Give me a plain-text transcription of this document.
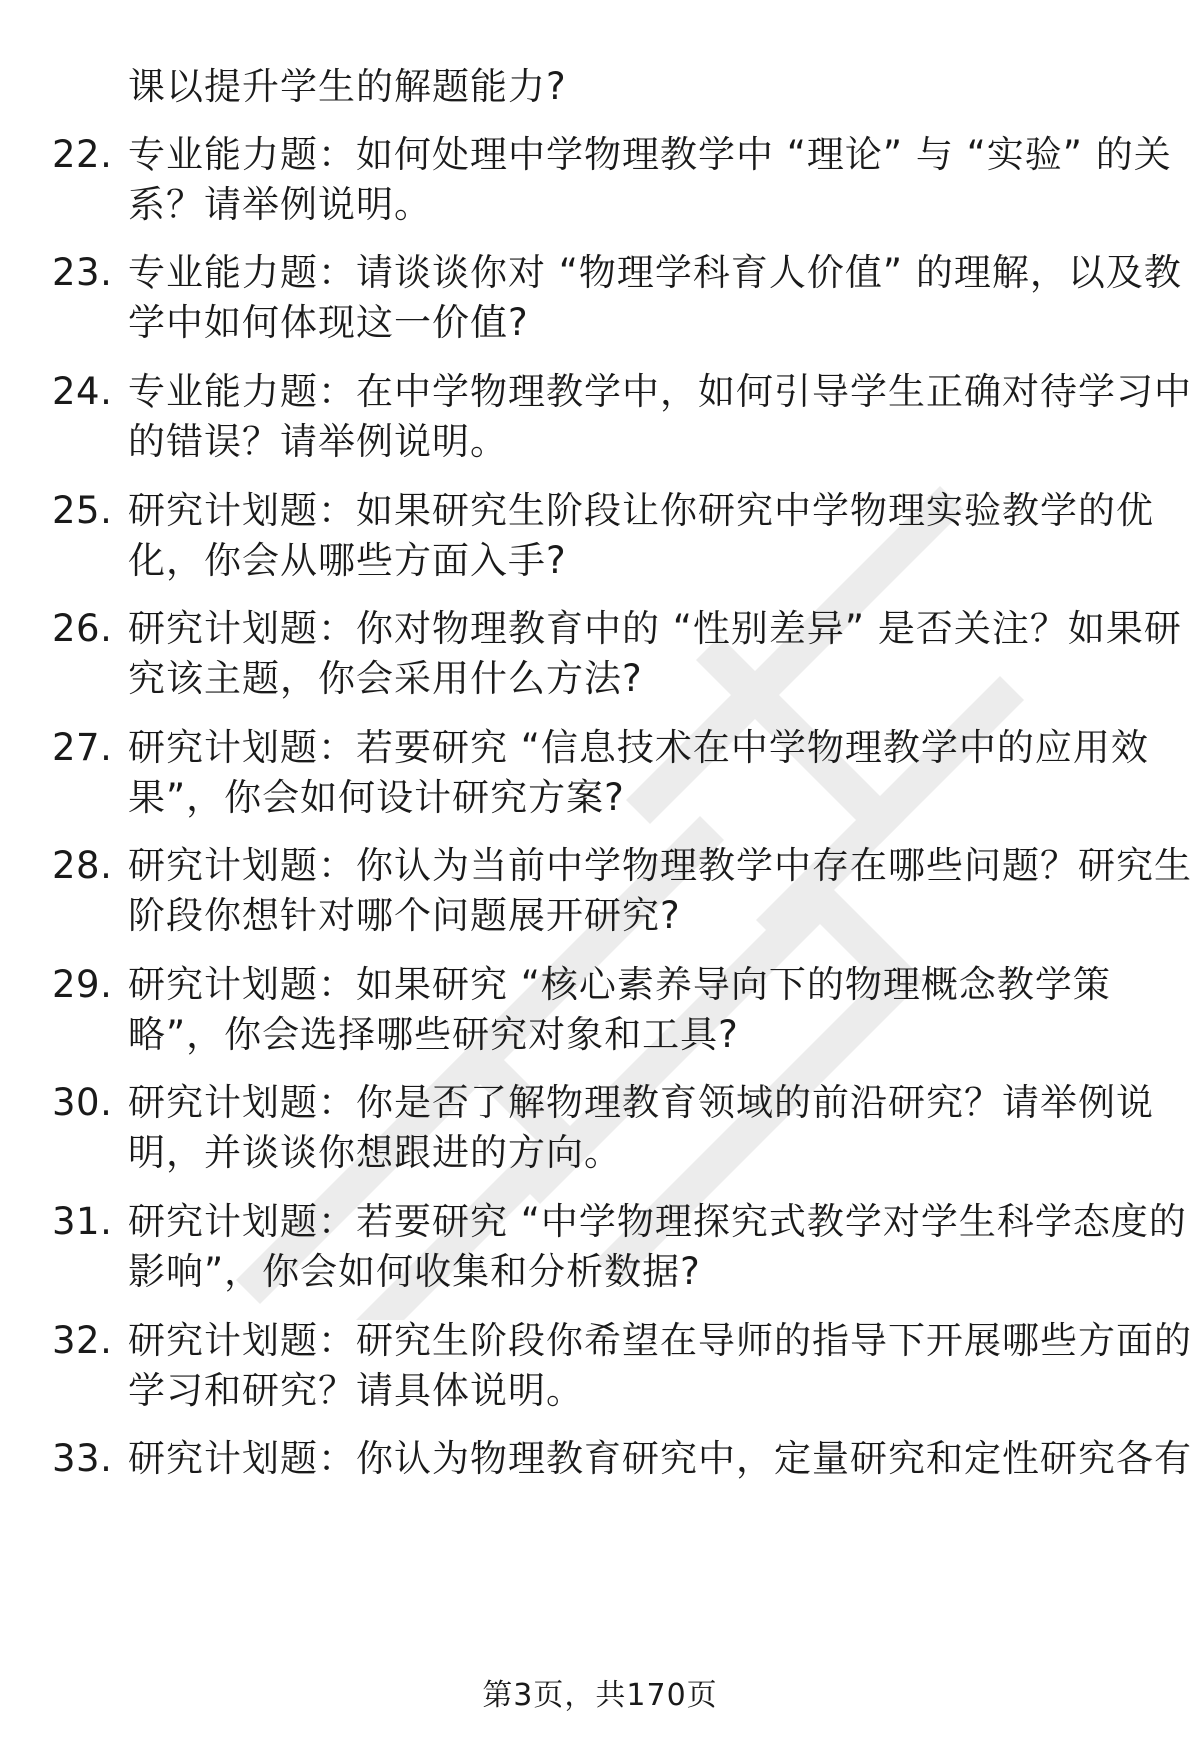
课以提升学生的解题能力?
22. 专业能力题：如何处理中学物理教学中 “理论” 与 “实验” 的关
系？请举例说明。
23. 专业能力题：请谈谈你对 “物理学科育人价值” 的理解，以及教
学中如何体现这一价值?
24. 专业能力题：在中学物理教学中，如何引导学生正确对待学习中
的错误？请举例说明。
25. 研究计划题：如果研究生阶段让你研究中学物理实验教学的优
化，你会从哪些方面入手?
26. 研究计划题：你对物理教育中的 “性别差异” 是否关注？如果研
究该主题，你会采用什么方法?
27. 研究计划题：若要研究 “信息技术在中学物理教学中的应用效
果”，你会如何设计研究方案?
28. 研究计划题：你认为当前中学物理教学中存在哪些问题？研究生
阶段你想针对哪个问题展开研究?
29. 研究计划题：如果研究 “核心素养导向下的物理概念教学策
略”，你会选择哪些研究对象和工具?
30. 研究计划题：你是否了解物理教育领域的前沿研究？请举例说
明，并谈谈你想跟进的方向。
31. 研究计划题：若要研究 “中学物理探究式教学对学生科学态度的
影响”，你会如何收集和分析数据?
32. 研究计划题：研究生阶段你希望在导师的指导下开展哪些方面的
学习和研究？请具体说明。
33. 研究计划题：你认为物理教育研究中，定量研究和定性研究各有
第3页，共170页
